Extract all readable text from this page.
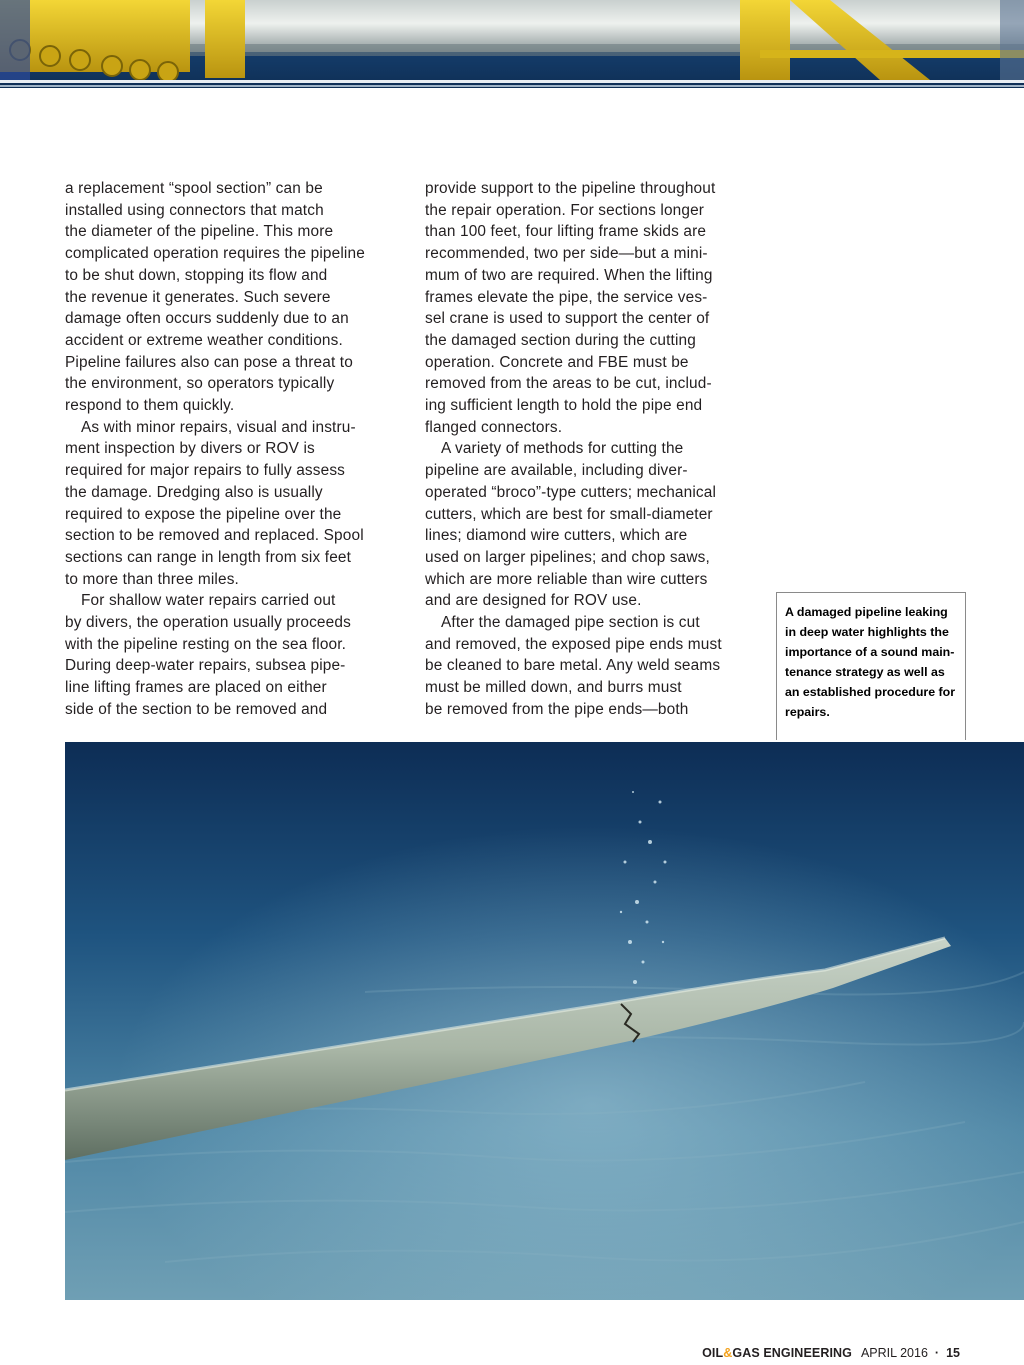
a replacement “spool section” can be

installed using connectors that match

the diameter of the pipeline. This more

complicated operation requires the pipeline

to be shut down, stopping its flow and

the revenue it generates. Such severe

damage often occurs suddenly due to an

accident or extreme weather conditions.

Pipeline failures also can pose a threat to

the environment, so operators typically

respond to them quickly.

As with minor repairs, visual and instru-

ment inspection by divers or ROV is

required for major repairs to fully assess

the damage. Dredging also is usually

required to expose the pipeline over the

section to be removed and replaced. Spool

sections can range in length from six feet

to more than three miles.

For shallow water repairs carried out

by divers, the operation usually proceeds

with the pipeline resting on the sea floor.

During deep-water repairs, subsea pipe-

line lifting frames are placed on either

side of the section to be removed and

provide support to the pipeline throughout

the repair operation. For sections longer

than 100 feet, four lifting frame skids are

recommended, two per side—but a mini-

mum of two are required. When the lifting

frames elevate the pipe, the service ves-

sel crane is used to support the center of

the damaged section during the cutting

operation. Concrete and FBE must be

removed from the areas to be cut, includ-

ing sufficient length to hold the pipe end

flanged connectors.

A variety of methods for cutting the

pipeline are available, including diver-

operated “broco”-type cutters; mechanical

cutters, which are best for small-diameter

lines; diamond wire cutters, which are

used on larger pipelines; and chop saws,

which are more reliable than wire cutters

and are designed for ROV use.

After the damaged pipe section is cut

and removed, the exposed pipe ends must

be cleaned to bare metal. Any weld seams

must be milled down, and burrs must

be removed from the pipe ends—both

A damaged pipeline leaking
in deep water highlights the
importance of a sound main-
tenance strategy as well as
an established procedure for
repairs.
OIL&GAS ENGINEERING APRIL 2016 · 15
